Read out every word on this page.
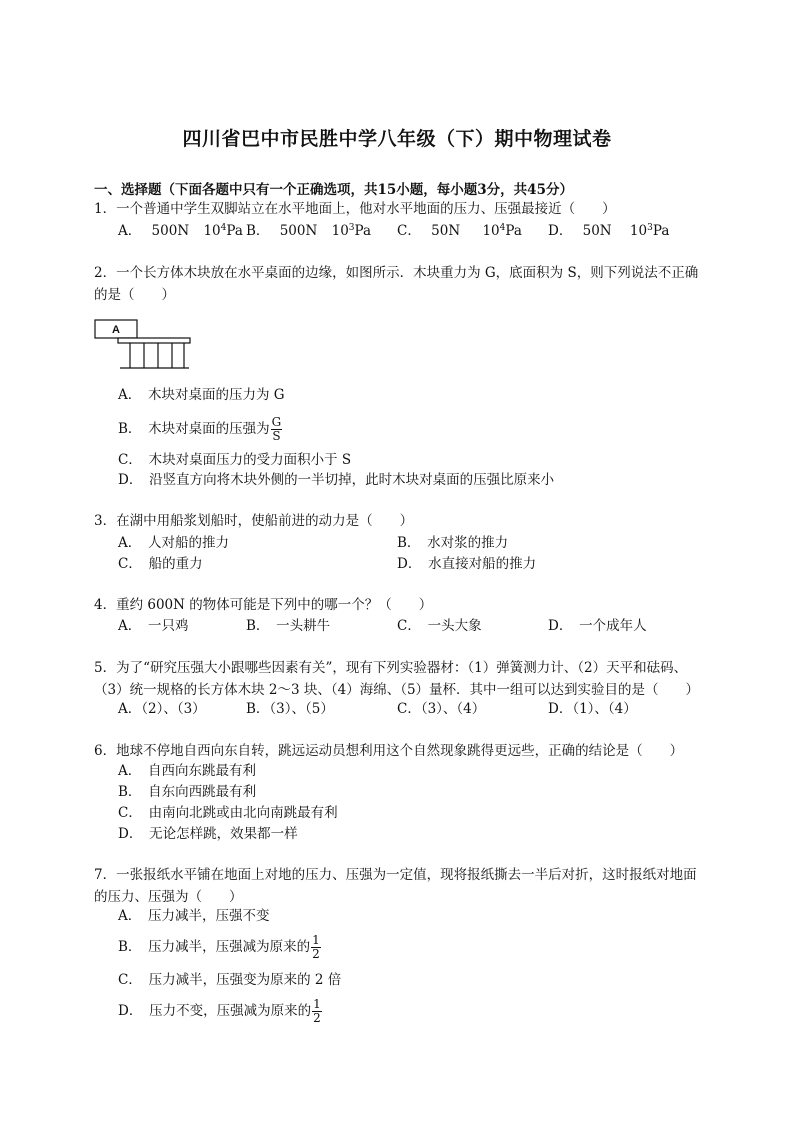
四川省巴中市民胜中学八年级（下）期中物理试卷
一、选择题（下面各题中只有一个正确选项，共15小题，每小题3分，共45分）
1．一个普通中学生双脚站立在水平地面上，他对水平地面的压力、压强最接近（　　）
A． 500N $10^4Pa$ B． 500N $10^3Pa$ C． 50N $10^4Pa$ D． 50N $10^3Pa$
2．一个长方体木块放在水平桌面的边缘，如图所示．木块重力为 G，底面积为 S，则下列说法不正确的是（　　）
A
A．　木块对桌面的压力为 G
B．　木块对桌面的压强为 $\frac{G}{S}$
C．　木块对桌面压力的受力面积小于 S
D．　沿竖直方向将木块外侧的一半切掉，此时木块对桌面的压强比原来小
3．在湖中用船浆划船时，使船前进的动力是（　　）
A．　人对船的推力	B．　水对浆的推力
C．　船的重力	D．　水直接对船的推力
4．重约 600N 的物体可能是下列中的哪一个？（　　）
A．　一只鸡	B．　一头耕牛	C．　一头大象	D．　一个成年人
5．为了“研究压强大小跟哪些因素有关”，现有下列实验器材：（1）弹簧测力计、（2）天平和砝码、（3）统一规格的长方体木块 2～3 块、（4）海绵、（5）量杯．其中一组可以达到实验目的是（　　）
A．（2）、（3）	B．（3）、（5）	C．（3）、（4）	D．（1）、（4）
6．地球不停地自西向东自转，跳远运动员想利用这个自然现象跳得更远些，正确的结论是（　　）
A．　自西向东跳最有利
B．　自东向西跳最有利
C．　由南向北跳或由北向南跳最有利
D．　无论怎样跳，效果都一样
7．一张报纸水平铺在地面上对地的压力、压强为一定值，现将报纸撕去一半后对折，这时报纸对地面的压力、压强为（　　）
A．　压力减半，压强不变
B．　压力减半，压强减为原来的 $\frac{1}{2}$
C．　压力减半，压强变为原来的 2 倍
D．　压力不变，压强减为原来的 $\frac{1}{2}$
